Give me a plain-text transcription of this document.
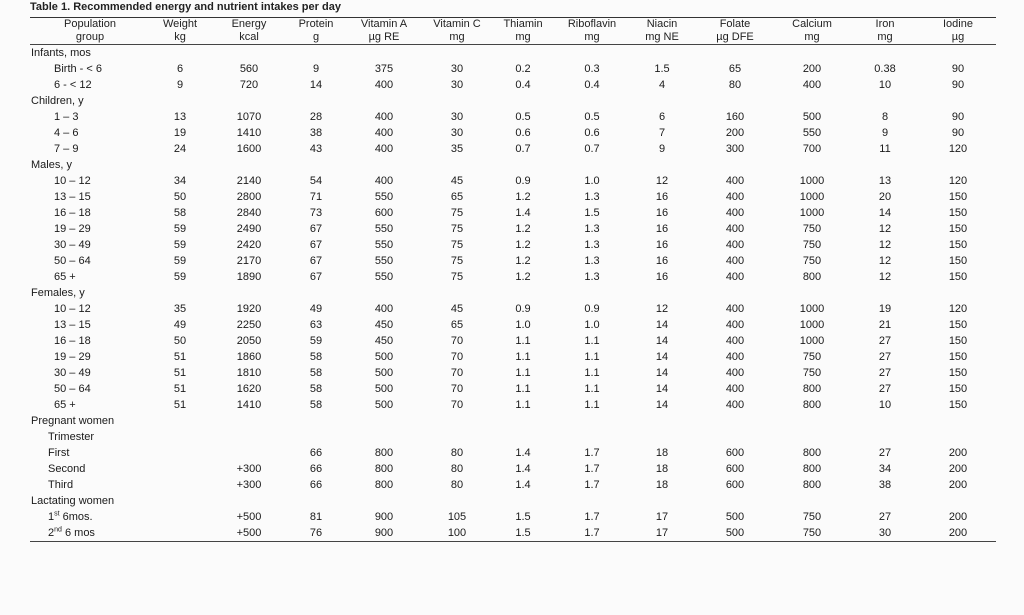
Table 1. Recommended energy and nutrient intakes per day
Population	Weight	Energy	Protein	Vitamin A	Vitamin C	Thiamin	Riboflavin	Niacin	Folate	Calcium	Iron	Iodine
group	kg	kcal	g	µg RE	mg	mg	mg	mg NE	µg DFE	mg	mg	µg
Infants, mos												
Birth - < 6	6	560	9	375	30	0.2	0.3	1.5	65	200	0.38	90
6 - < 12	9	720	14	400	30	0.4	0.4	4	80	400	10	90
Children, y												
1 – 3	13	1070	28	400	30	0.5	0.5	6	160	500	8	90
4 – 6	19	1410	38	400	30	0.6	0.6	7	200	550	9	90
7 – 9	24	1600	43	400	35	0.7	0.7	9	300	700	11	120
Males, y												
10 – 12	34	2140	54	400	45	0.9	1.0	12	400	1000	13	120
13 – 15	50	2800	71	550	65	1.2	1.3	16	400	1000	20	150
16 – 18	58	2840	73	600	75	1.4	1.5	16	400	1000	14	150
19 – 29	59	2490	67	550	75	1.2	1.3	16	400	750	12	150
30 – 49	59	2420	67	550	75	1.2	1.3	16	400	750	12	150
50 – 64	59	2170	67	550	75	1.2	1.3	16	400	750	12	150
65 +	59	1890	67	550	75	1.2	1.3	16	400	800	12	150
Females, y												
10 – 12	35	1920	49	400	45	0.9	0.9	12	400	1000	19	120
13 – 15	49	2250	63	450	65	1.0	1.0	14	400	1000	21	150
16 – 18	50	2050	59	450	70	1.1	1.1	14	400	1000	27	150
19 – 29	51	1860	58	500	70	1.1	1.1	14	400	750	27	150
30 – 49	51	1810	58	500	70	1.1	1.1	14	400	750	27	150
50 – 64	51	1620	58	500	70	1.1	1.1	14	400	800	27	150
65 +	51	1410	58	500	70	1.1	1.1	14	400	800	10	150
Pregnant women												
Trimester												
First			66	800	80	1.4	1.7	18	600	800	27	200
Second		+300	66	800	80	1.4	1.7	18	600	800	34	200
Third		+300	66	800	80	1.4	1.7	18	600	800	38	200
Lactating women												
1st 6mos.		+500	81	900	105	1.5	1.7	17	500	750	27	200
2nd 6 mos		+500	76	900	100	1.5	1.7	17	500	750	30	200
